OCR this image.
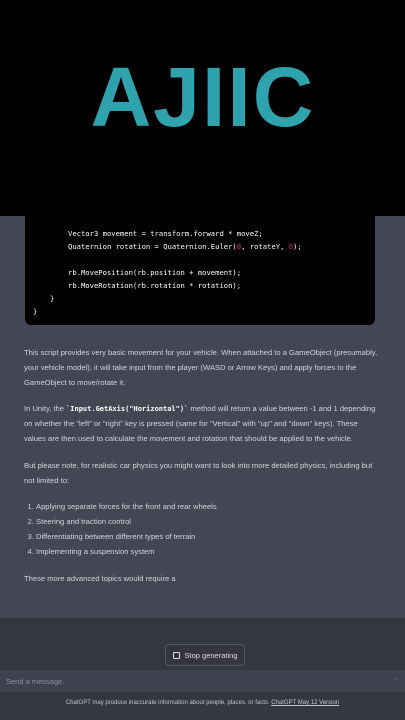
AJIIC
Vector3 movement = transform.forward * moveZ;
Quaternion rotation = Quaternion.Euler(0, rotateY, 0);
rb.MovePosition(rb.position + movement);
rb.MoveRotation(rb.rotation * rotation);
}
}

This script provides very basic movement for your vehicle. When attached to a GameObject (presumably, your vehicle model), it will take input from the player (WASD or Arrow Keys) and apply forces to the GameObject to move/rotate it.

In Unity, the `Input.GetAxis("Horizontal")` method will return a value between -1 and 1 depending on whether the "left" or "right" key is pressed (same for "Vertical" with "up" and "down" keys). These values are then used to calculate the movement and rotation that should be applied to the vehicle.

But please note, for realistic car physics you might want to look into more detailed physics, including but not limited to:

1. Applying separate forces for the front and rear wheels
2. Steering and traction control
3. Differentiating between different types of terrain
4. Implementing a suspension system

These more advanced topics would require a

Stop generating
Send a message.
··
ChatGPT may produce inaccurate information about people, places, or facts. ChatGPT May 12 Version
